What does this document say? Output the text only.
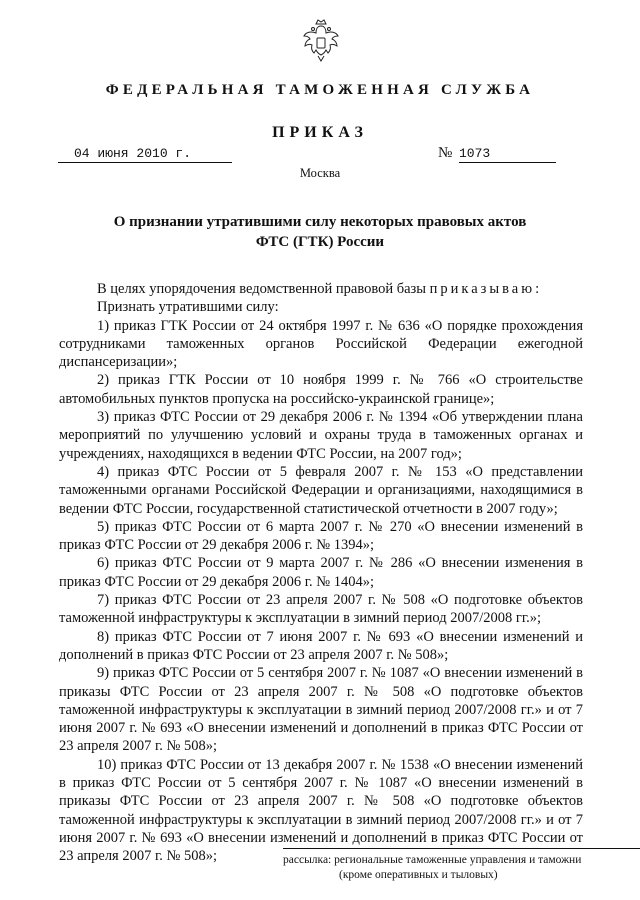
ФЕДЕРАЛЬНАЯ ТАМОЖЕННАЯ СЛУЖБА
ПРИКАЗ
04 июня 2010 г.	№ 1073
Москва
О признании утратившими силу некоторых правовых актов
ФТС (ГТК) России

В целях упорядочения ведомственной правовой базы приказываю:

Признать утратившими силу:

1) приказ ГТК России от 24 октября 1997 г. № 636 «О порядке прохождения сотрудниками таможенных органов Российской Федерации ежегодной диспансеризации»;

2) приказ ГТК России от 10 ноября 1999 г. № 766 «О строительстве автомобильных пунктов пропуска на российско-украинской границе»;

3) приказ ФТС России от 29 декабря 2006 г. № 1394 «Об утверждении плана мероприятий по улучшению условий и охраны труда в таможенных органах и учреждениях, находящихся в ведении ФТС России, на 2007 год»;

4) приказ ФТС России от 5 февраля 2007 г. № 153 «О представлении таможенными органами Российской Федерации и организациями, находящимися в ведении ФТС России, государственной статистической отчетности в 2007 году»;

5) приказ ФТС России от 6 марта 2007 г. № 270 «О внесении изменений в приказ ФТС России от 29 декабря 2006 г. № 1394»;

6) приказ ФТС России от 9 марта 2007 г. № 286 «О внесении изменения в приказ ФТС России от 29 декабря 2006 г. № 1404»;

7) приказ ФТС России от 23 апреля 2007 г. № 508 «О подготовке объектов таможенной инфраструктуры к эксплуатации в зимний период 2007/2008 гг.»;

8) приказ ФТС России от 7 июня 2007 г. № 693 «О внесении изменений и дополнений в приказ ФТС России от 23 апреля 2007 г. № 508»;

9) приказ ФТС России от 5 сентября 2007 г. № 1087 «О внесении изменений в приказы ФТС России от 23 апреля 2007 г. № 508 «О подготовке объектов таможенной инфраструктуры к эксплуатации в зимний период 2007/2008 гг.» и от 7 июня 2007 г. № 693 «О внесении изменений и дополнений в приказ ФТС России от 23 апреля 2007 г. № 508»;

10) приказ ФТС России от 13 декабря 2007 г. № 1538 «О внесении изменений в приказ ФТС России от 5 сентября 2007 г. № 1087 «О внесении изменений в приказы ФТС России от 23 апреля 2007 г. № 508 «О подготовке объектов таможенной инфраструктуры к эксплуатации в зимний период 2007/2008 гг.» и от 7 июня 2007 г. № 693 «О внесении изменений и дополнений в приказ ФТС России от 23 апреля 2007 г. № 508»;	рассылка: региональные таможенные управления и таможни
(кроме оперативных и тыловых)
